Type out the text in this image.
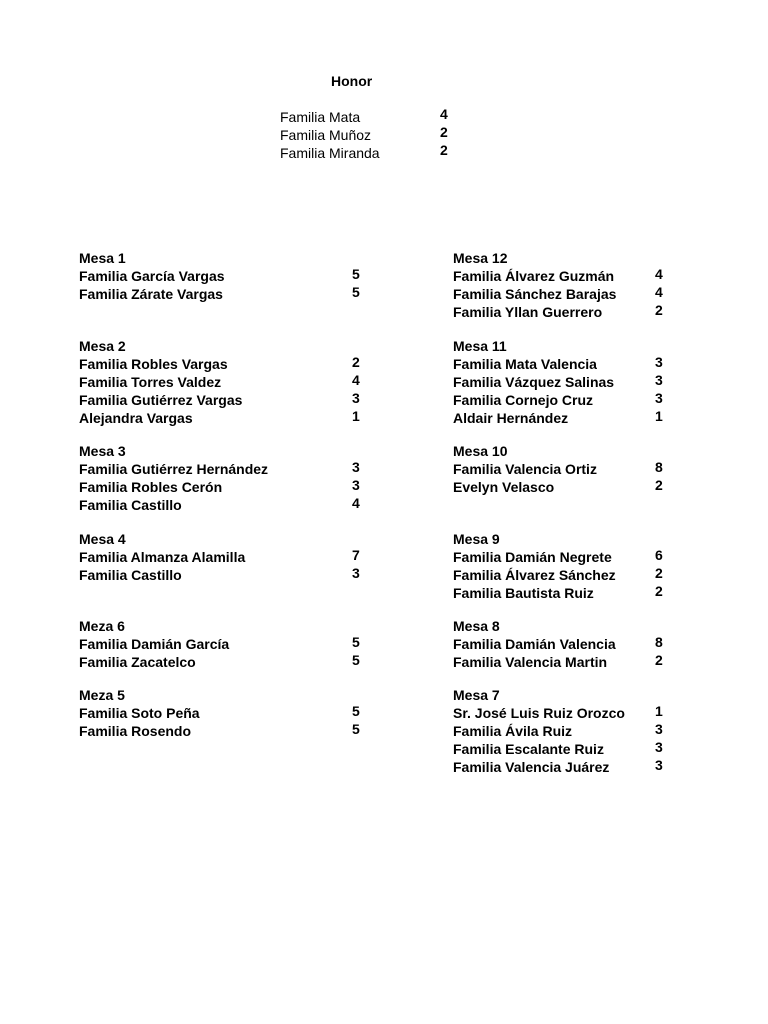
Honor
Familia Mata	4
Familia Muñoz	2
Familia Miranda	2
Mesa 1
Familia García Vargas	5
Familia Zárate Vargas	5
Mesa 2
Familia Robles Vargas	2
Familia Torres Valdez	4
Familia Gutiérrez Vargas	3
Alejandra Vargas	1
Mesa 3
Familia Gutiérrez Hernández	3
Familia Robles Cerón	3
Familia Castillo	4
Mesa 4
Familia Almanza Alamilla	7
Familia Castillo	3
Meza 6
Familia Damián García	5
Familia Zacatelco	5
Meza 5
Familia Soto Peña	5
Familia Rosendo	5
Mesa 12
Familia Álvarez Guzmán	4
Familia Sánchez Barajas	4
Familia Yllan Guerrero	2
Mesa 11
Familia Mata Valencia	3
Familia Vázquez Salinas	3
Familia Cornejo Cruz	3
Aldair Hernández	1
Mesa 10
Familia Valencia Ortiz	8
Evelyn Velasco	2
Mesa 9
Familia Damián Negrete	6
Familia Álvarez Sánchez	2
Familia Bautista Ruiz	2
Mesa 8
Familia Damián Valencia	8
Familia Valencia Martin	2
Mesa 7
Sr. José Luis Ruiz Orozco 1
Familia Ávila Ruiz	3
Familia Escalante Ruiz	3
Familia Valencia Juárez	3
